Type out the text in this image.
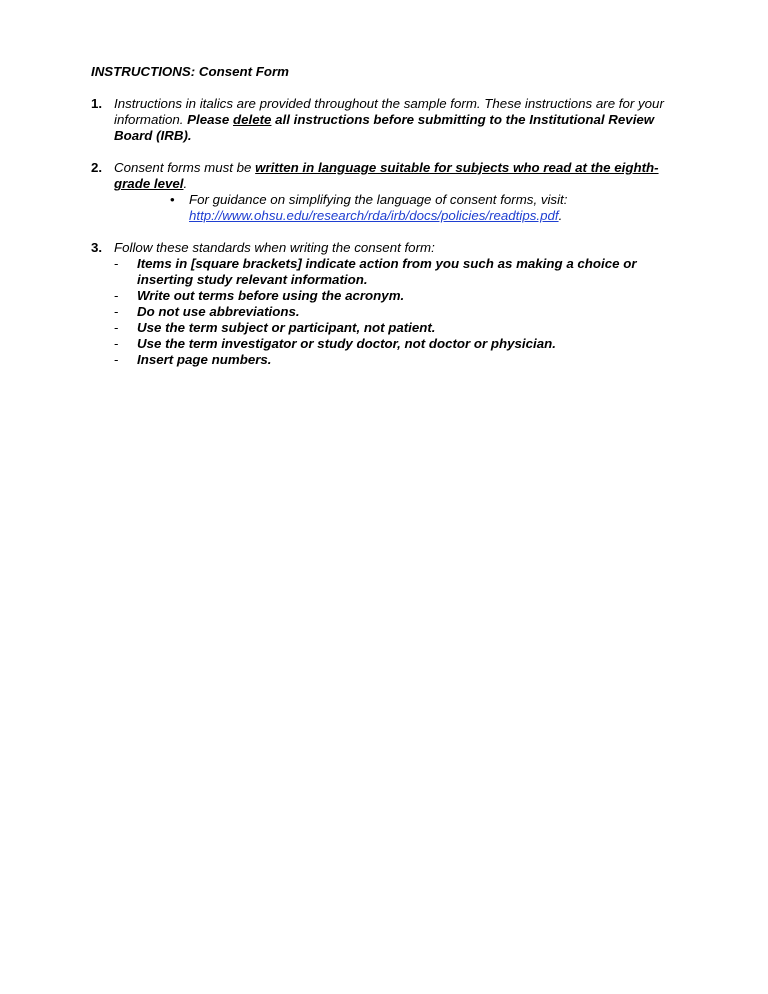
INSTRUCTIONS: Consent Form
1. Instructions in italics are provided throughout the sample form. These instructions are for your information. Please delete all instructions before submitting to the Institutional Review Board (IRB).
2. Consent forms must be written in language suitable for subjects who read at the eighth-grade level.
• For guidance on simplifying the language of consent forms, visit: http://www.ohsu.edu/research/rda/irb/docs/policies/readtips.pdf.
3. Follow these standards when writing the consent form:
- Items in [square brackets] indicate action from you such as making a choice or inserting study relevant information.
- Write out terms before using the acronym.
- Do not use abbreviations.
- Use the term subject or participant, not patient.
- Use the term investigator or study doctor, not doctor or physician.
- Insert page numbers.
